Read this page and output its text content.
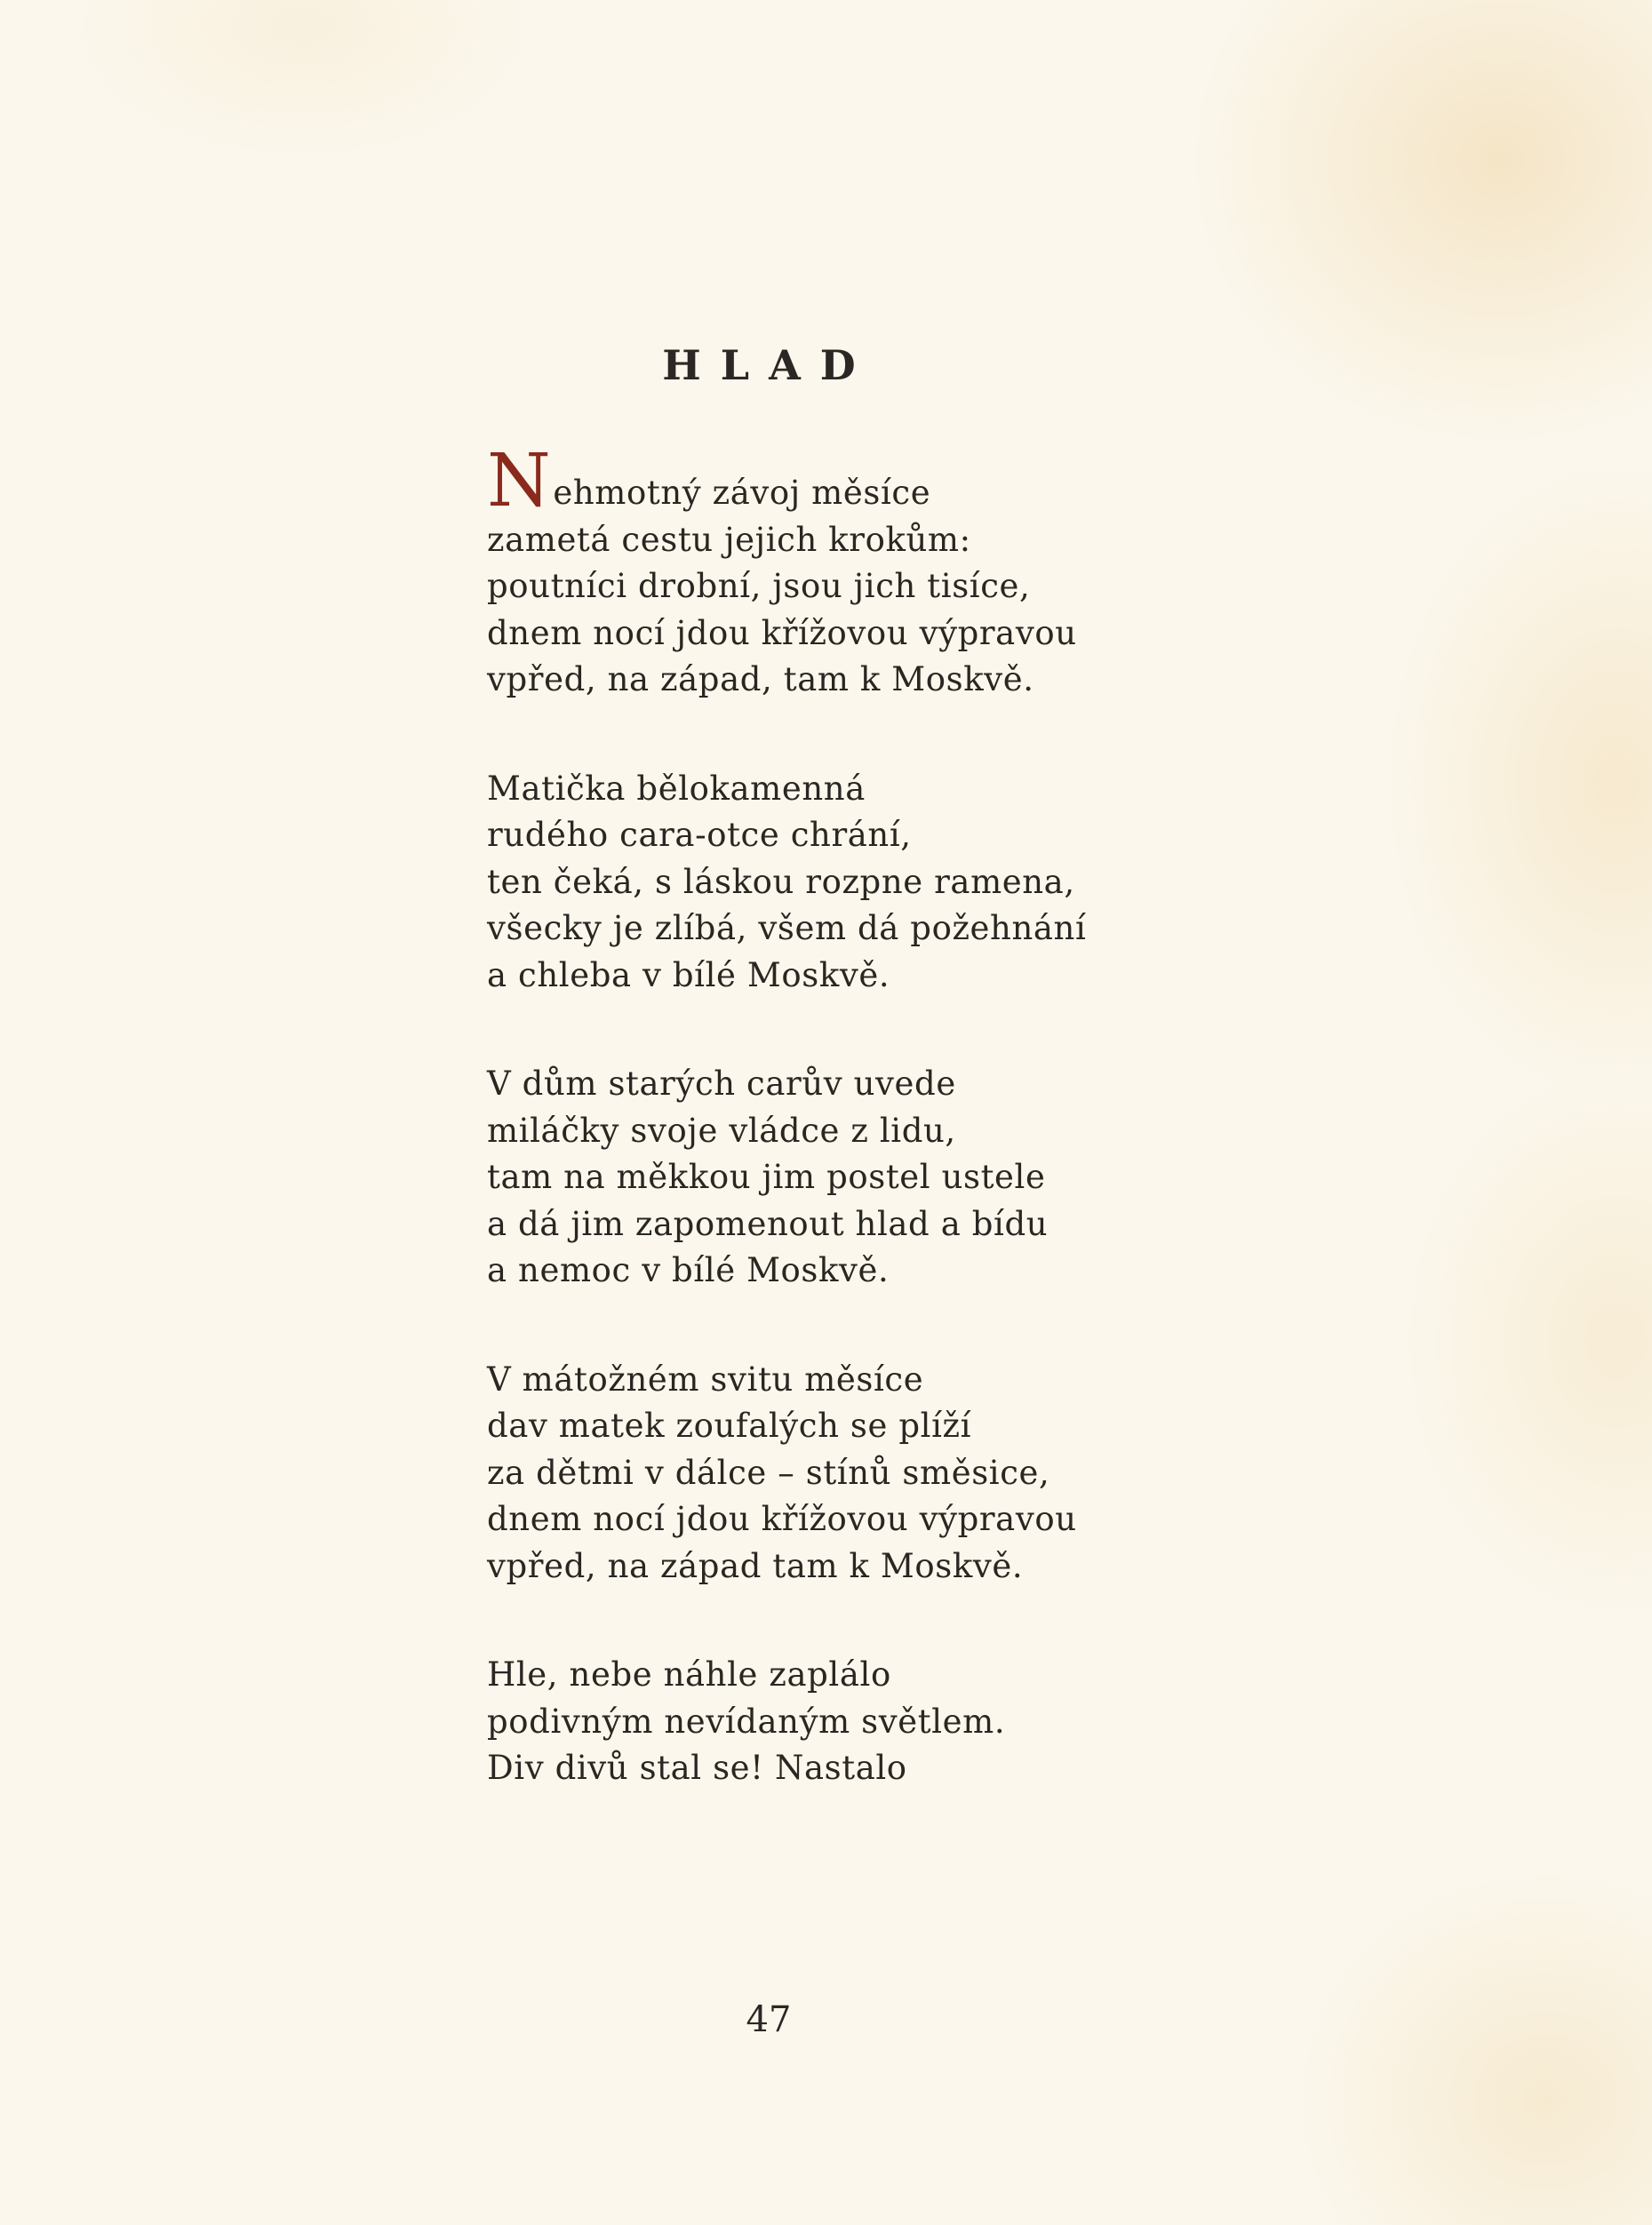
HLAD
Nehmotný závoj měsíce
zametá cestu jejich krokům:
poutníci drobní, jsou jich tisíce,
dnem nocí jdou křížovou výpravou
vpřed, na západ, tam k Moskvě.
Matička bělokamenná
rudého cara-otce chrání,
ten čeká, s láskou rozpne ramena,
všecky je zlíbá, všem dá požehnání
a chleba v bílé Moskvě.
V dům starých carův uvede
miláčky svoje vládce z lidu,
tam na měkkou jim postel ustele
a dá jim zapomenout hlad a bídu
a nemoc v bílé Moskvě.
V mátožném svitu měsíce
dav matek zoufalých se plíží
za dětmi v dálce – stínů směsice,
dnem nocí jdou křížovou výpravou
vpřed, na západ tam k Moskvě.
Hle, nebe náhle zaplálo
podivným nevídaným světlem.
Div divů stal se! Nastalo
47
